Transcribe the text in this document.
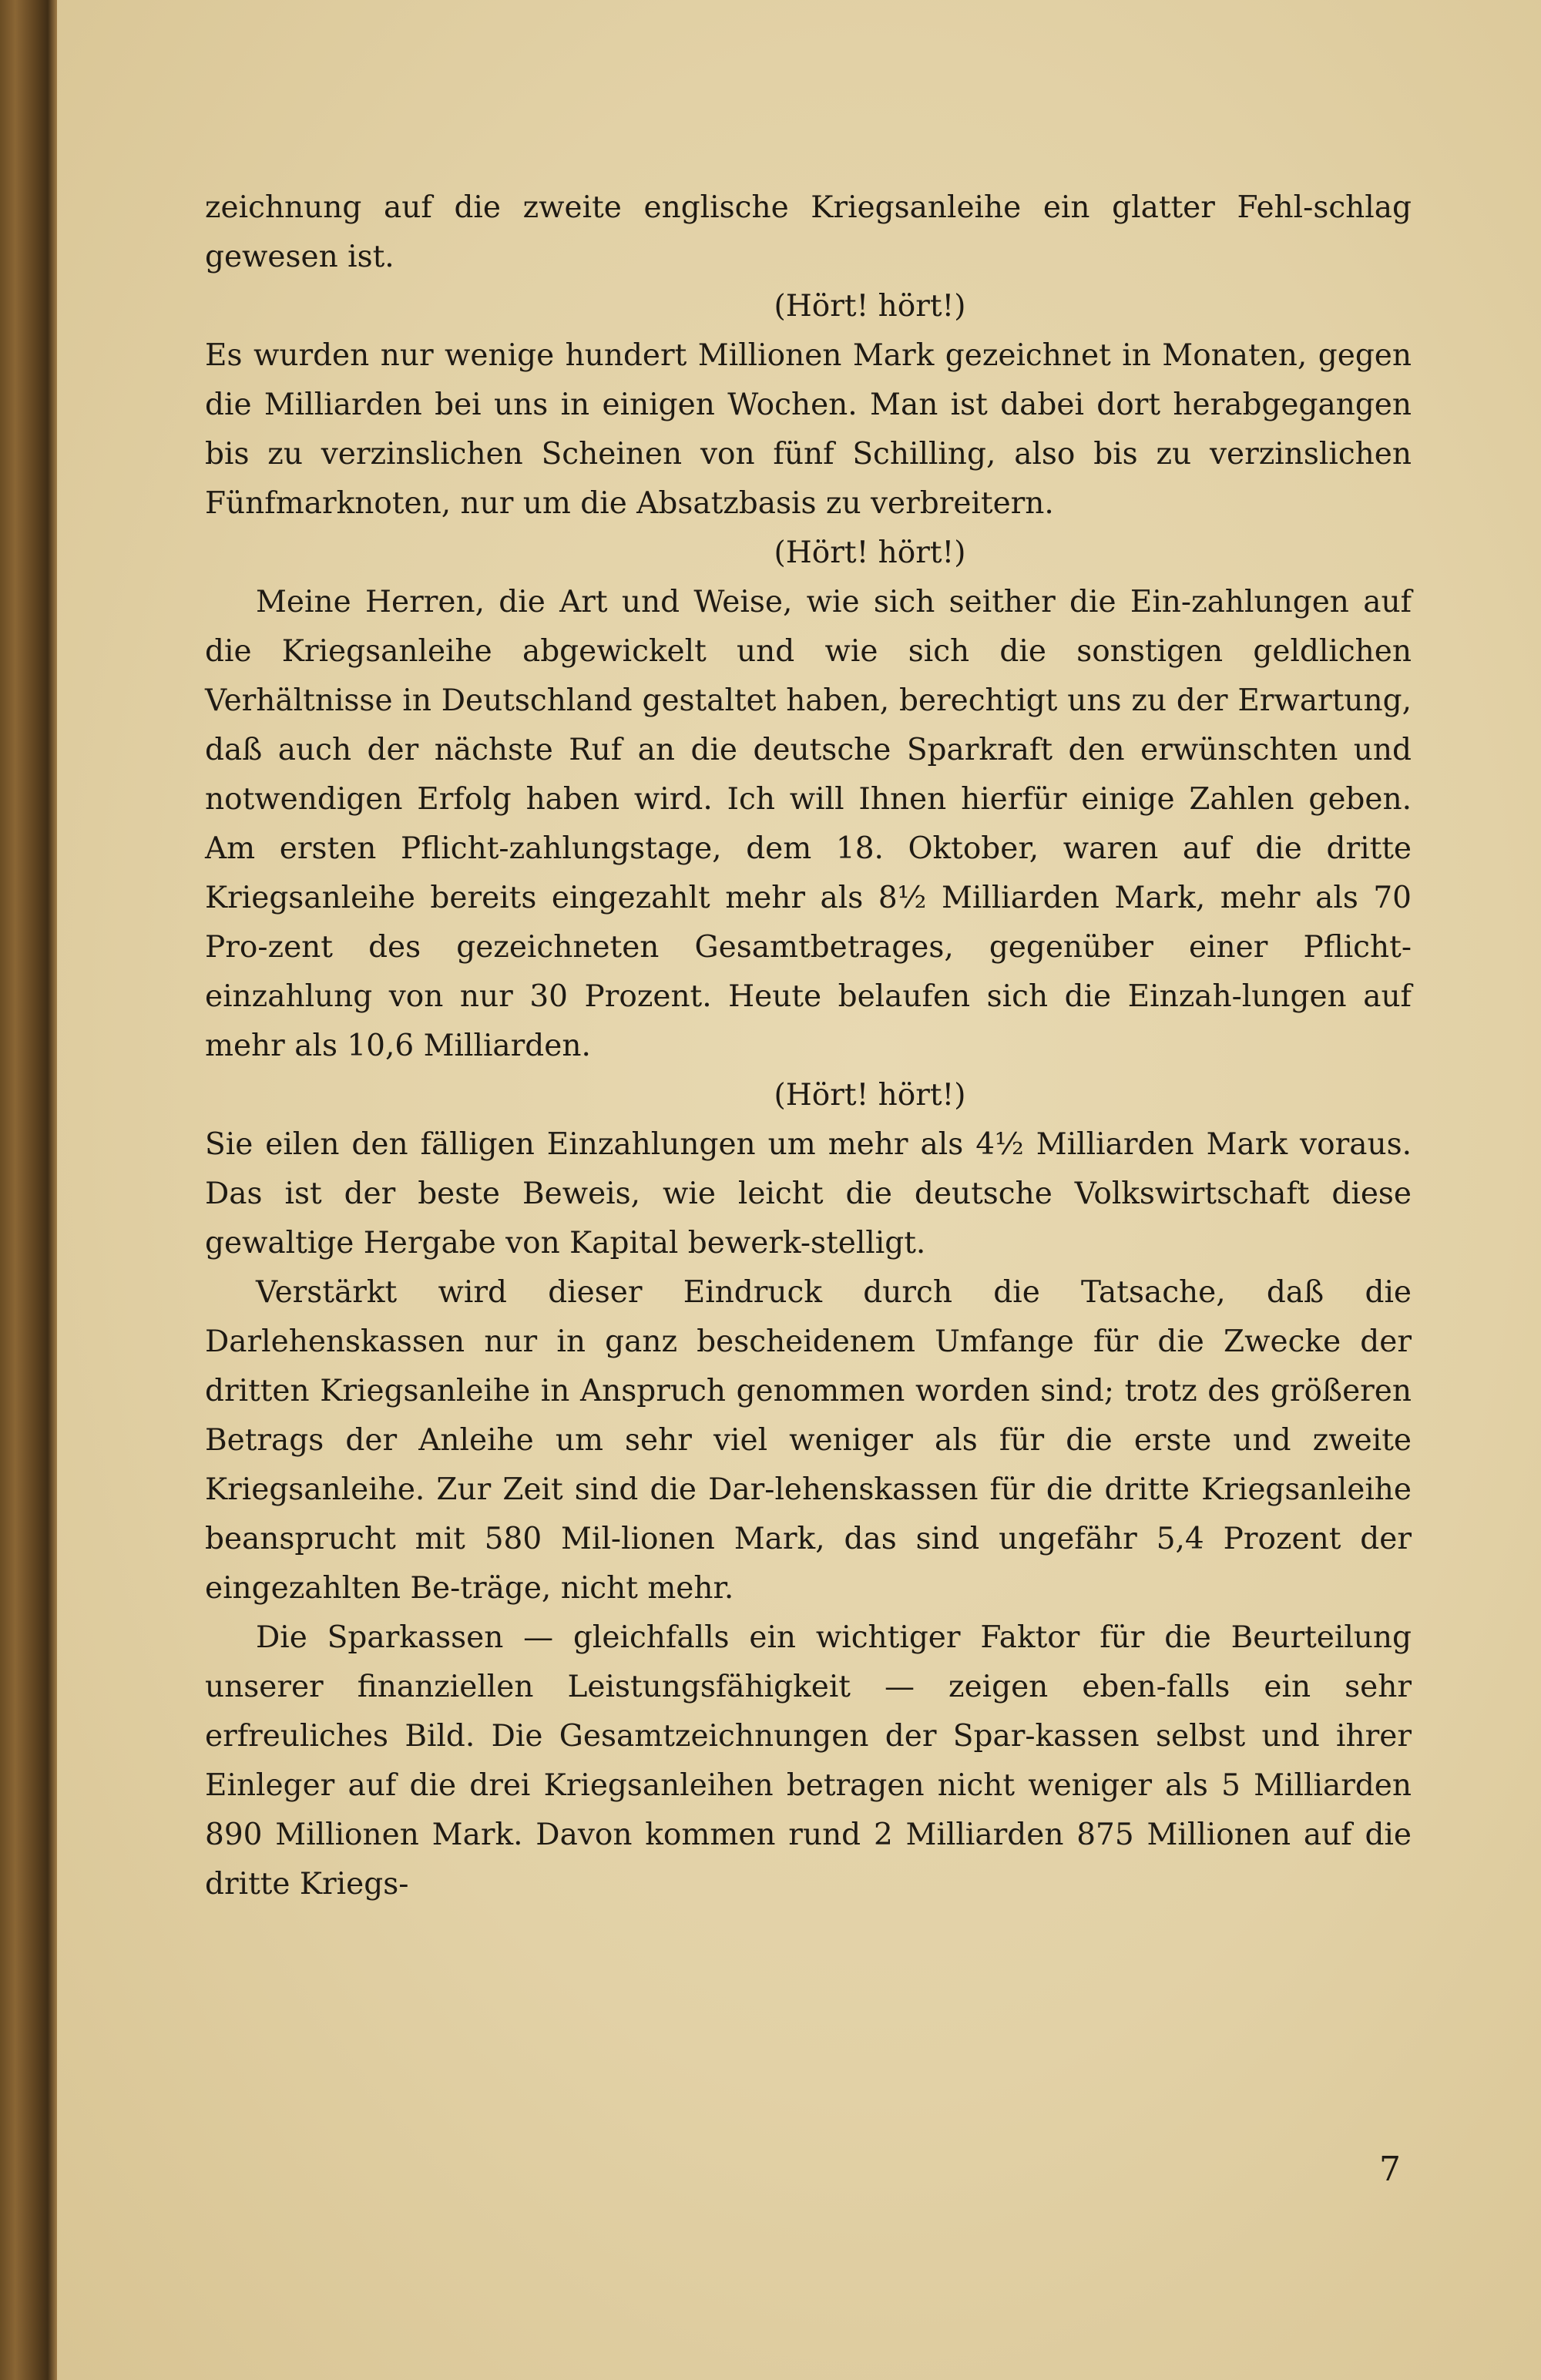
zeichnung auf die zweite englische Kriegsanleihe ein glatter Fehl-schlag gewesen ist.

(Hört! hört!)

Es wurden nur wenige hundert Millionen Mark gezeichnet in Monaten, gegen die Milliarden bei uns in einigen Wochen. Man ist dabei dort herabgegangen bis zu verzinslichen Scheinen von fünf Schilling, also bis zu verzinslichen Fünfmarknoten, nur um die Absatzbasis zu verbreitern.

(Hört! hört!)

Meine Herren, die Art und Weise, wie sich seither die Ein-zahlungen auf die Kriegsanleihe abgewickelt und wie sich die sonstigen geldlichen Verhältnisse in Deutschland gestaltet haben, berechtigt uns zu der Erwartung, daß auch der nächste Ruf an die deutsche Sparkraft den erwünschten und notwendigen Erfolg haben wird. Ich will Ihnen hierfür einige Zahlen geben. Am ersten Pflicht-zahlungstage, dem 18. Oktober, waren auf die dritte Kriegsanleihe bereits eingezahlt mehr als 8½ Milliarden Mark, mehr als 70 Pro-zent des gezeichneten Gesamtbetrages, gegenüber einer Pflicht-einzahlung von nur 30 Prozent. Heute belaufen sich die Einzah-lungen auf mehr als 10,6 Milliarden.

(Hört! hört!)

Sie eilen den fälligen Einzahlungen um mehr als 4½ Milliarden Mark voraus. Das ist der beste Beweis, wie leicht die deutsche Volkswirtschaft diese gewaltige Hergabe von Kapital bewerk-stelligt.

Verstärkt wird dieser Eindruck durch die Tatsache, daß die Darlehenskassen nur in ganz bescheidenem Umfange für die Zwecke der dritten Kriegsanleihe in Anspruch genommen worden sind; trotz des größeren Betrags der Anleihe um sehr viel weniger als für die erste und zweite Kriegsanleihe. Zur Zeit sind die Dar-lehenskassen für die dritte Kriegsanleihe beansprucht mit 580 Mil-lionen Mark, das sind ungefähr 5,4 Prozent der eingezahlten Be-träge, nicht mehr.

Die Sparkassen — gleichfalls ein wichtiger Faktor für die Beurteilung unserer finanziellen Leistungsfähigkeit — zeigen eben-falls ein sehr erfreuliches Bild. Die Gesamtzeichnungen der Spar-kassen selbst und ihrer Einleger auf die drei Kriegsanleihen betragen nicht weniger als 5 Milliarden 890 Millionen Mark. Davon kommen rund 2 Milliarden 875 Millionen auf die dritte Kriegs-

7
